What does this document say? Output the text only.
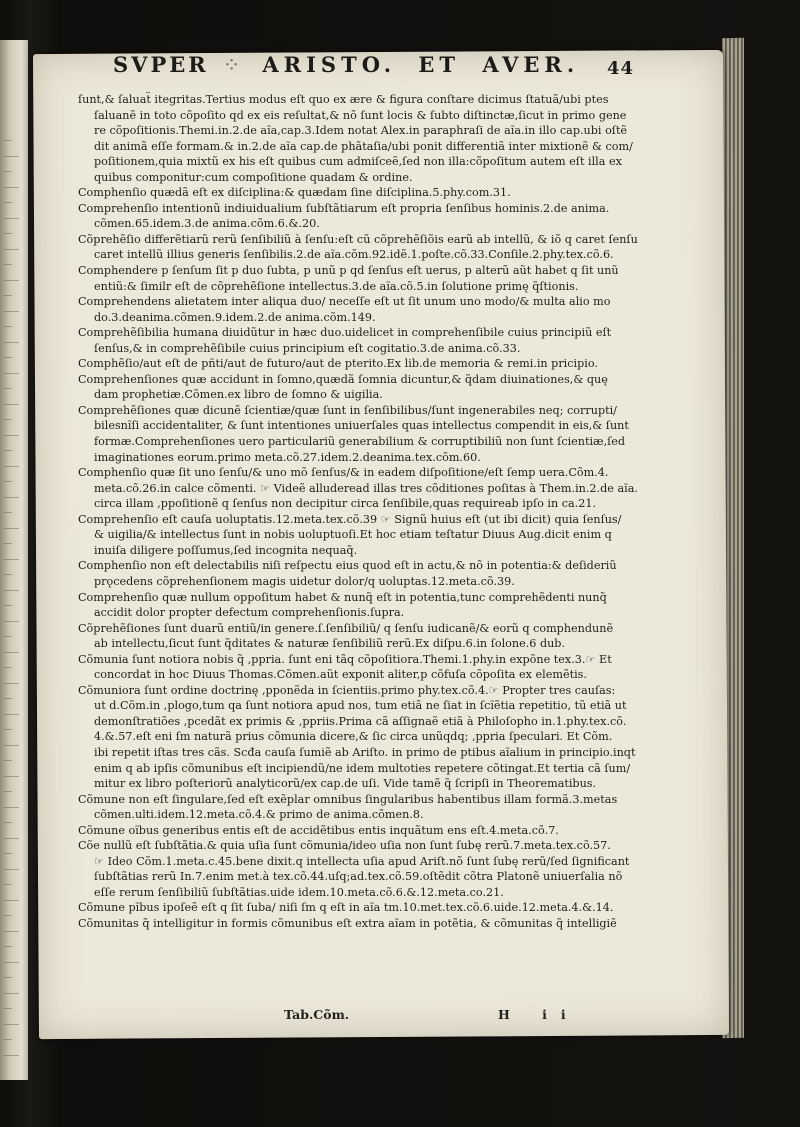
SVPER ⁘ ARISTO. ET AVER. 44
ſunt,& ſaluat̃ itegritas.Tertius modus eſt quo ex ære & figura conſtare dicimus ſtatuã/ubi ptes
ſaluanẽ in toto cõpoſito qd ex eis reſultat,& nõ ſunt locis & ſubto diſtinctæ,ſicut in primo gene
re cõpoſitionis.Themi.in.2.de aĩa,cap.3.Idem notat Alex.in paraphraſi de aĩa.in illo cap.ubi oſtẽ
dit animã eſſe formam.& in.2.de aĩa cap.de phãtaſia/ubi ponit differentiã inter mixtionẽ & com/
poſitionem,quia mixtũ ex his eſt quibus cum admiſceẽ,ſed non illa:cõpoſitum autem eſt illa ex
quibus componitur:cum compoſitione quadam & ordine.
Comphenſio quædã eſt ex diſciplina:& quædam ſine diſciplina.5.phy.com.31.
Comprehenſio intentionũ indiuidualium ſubſtãtiarum eſt propria ſenſibus hominis.2.de anima.
cõmen.65.idem.3.de anima.cõm.6.&.20.
Cõprehẽſio differẽtiarũ rerũ ſenſibiliũ à ſenſu:eſt cũ cõprehẽſiõis earũ ab intellũ, & iõ q caret ſenſu
caret intellũ illius generis ſenſibilis.2.de aĩa.cõm.92.idẽ.1.poſte.cõ.33.Conſile.2.phy.tex.cõ.6.
Comphendere p ſenſum ſit p duo ſubta, p unũ p qd ſenſus eſt uerus, p alterũ aũt habet q ſit unũ
entiũ:& ſimilr eſt de cõprehẽſione intellectus.3.de aĩa.cõ.5.in ſolutione primę q̃ſtionis.
Comprehendens alietatem inter aliqua duo/ neceſſe eſt ut ſit unum uno modo/& multa alio mo
do.3.deanima.cõmen.9.idem.2.de anima.cõm.149.
Comprehẽſibilia humana diuidũtur in hæc duo.uidelicet in comprehenſibile cuius principiũ eſt
ſenſus,& in comprehẽſibile cuius principium eſt cogitatio.3.de anima.cõ.33.
Comphẽſio/aut eſt de pñti/aut de futuro/aut de pterito.Ex lib.de memoria & remi.in pricipio.
Comprehenſiones quæ accidunt in ſomno,quædã ſomnia dicuntur,& q̃dam diuinationes,& quę
dam prophetiæ.Cõmen.ex libro de ſomno & uigilia.
Comprehẽſiones quæ dicunẽ ſcientiæ/quæ ſunt in ſenſibilibus/ſunt ingenerabiles neq; corrupti/
bilesnĩſi accidentaliter, & ſunt intentiones uniuerſales quas intellectus compendit in eis,& ſunt
formæ.Comprehenſiones uero particulariũ generabilium & corruptibiliũ non ſunt ſcientiæ,ſed
imaginationes eorum.primo meta.cõ.27.idem.2.deanima.tex.cõm.60.
Comphenſio quæ ſit uno ſenſu/& uno mõ ſenſus/& in eadem diſpoſitione/eſt ſemp uera.Cõm.4.
meta.cõ.26.in calce cõmenti. ☞ Videẽ alluderead illas tres cõditiones poſitas à Them.in.2.de aĩa.
circa illam ,ppoſitionẽ q ſenſus non decipitur circa ſenſibile,quas requireab ipſo in ca.21.
Comprehenſio eſt cauſa uoluptatis.12.meta.tex.cõ.39 ☞ Signũ huius eſt (ut ibi dicit) quia ſenſus/
& uigilia/& intellectus ſunt in nobis uoluptuoſi.Et hoc etiam teſtatur Diuus Aug.dicit enim q
inuiſa diligere poſſumus,ſed incognita nequaq̃.
Comphenſio non eſt delectabilis niſi reſpectu eius quod eſt in actu,& nõ in potentia:& deſideriũ
prǫcedens cõprehenſionem magis uidetur dolor/q uoluptas.12.meta.cõ.39.
Comprehenſio quæ nullum oppoſitum habet & nunq̃ eſt in potentia,tunc comprehẽdenti nunq̃
accidit dolor propter defectum comprehenſionis.ſupra.
Cõprehẽſiones ſunt duarũ entiũ/in genere.ſ.ſenſibiliũ/ q ſenſu iudicanẽ/& eorũ q comphendunẽ
ab intellectu,ſicut ſunt q̃ditates & naturæ ſenſibiliũ rerũ.Ex diſpu.6.in ſolone.6 dub.
Cõmunia ſunt notiora nobis q̃ ,ppria. ſunt eni tãq cõpoſitiora.Themi.1.phy.in expõne tex.3.☞ Et
concordat in hoc Diuus Thomas.Cõmen.aũt exponit aliter,p cõfuſa cõpoſita ex elemẽtis.
Cõmuniora ſunt ordine doctrinę ,pponẽda in ſcientiis.primo phy.tex.cõ.4.☞ Propter tres cauſas:
ut d.Cõm.in ,plogo,tum qa ſunt notiora apud nos, tum etiã ne ſiat in ſcĩẽtia repetitio, tũ etiã ut
demonſtratiões ,pcedãt ex primis & ,ppriis.Prima cã aſſignaẽ etiã à Philoſopho in.1.phy.tex.cõ.
4.&.57.eſt eni ſm naturã prius cõmunia dicere,& ſic circa unũqdq; ,ppria ſpeculari. Et Cõm.
ibi repetit iſtas tres cãs. Scđa cauſa ſumiẽ ab Ariſto. in primo de ptibus aĩalium in principio.inqt
enim q ab ipſis cõmunibus eſt incipiendũ/ne idem multoties repetere cõtingat.Et tertia cã ſum/
mitur ex libro poſteriorũ analyticorũ/ex cap.de uſi. Vide tamẽ q̃ ſcripſi in Theorematibus.
Cõmune non eſt ſingulare,ſed eſt exẽplar omnibus ſingularibus habentibus illam formã.3.metas
cõmen.ulti.idem.12.meta.cõ.4.& primo de anima.cõmen.8.
Cõmune oĩbus generibus entis eſt de accidẽtibus entis inquãtum ens eſt.4.meta.cõ.7.
Cõe nullũ eſt ſubſtãtia.& quia uſia ſunt cõmunia/ideo uſia non ſunt ſubę rerũ.7.meta.tex.cõ.57.
☞ Ideo Cõm.1.meta.c.45.bene dixit.q intellecta uſia apud Ariſt.nõ ſunt ſubę rerũ/ſed ſignificant
ſubſtãtias rerũ In.7.enim met.à tex.cõ.44.uſq;ad.tex.cõ.59.oſtẽdit cõtra Platonẽ uniuerſalia nõ
eſſe rerum ſenſibiliũ ſubſtãtias.uide idem.10.meta.cõ.6.&.12.meta.co.21.
Cõmune pĩbus ipoſeẽ eſt q ſit ſuba/ niſi ſm q eſt in aĩa tm.10.met.tex.cõ.6.uide.12.meta.4.&.14.
Cõmunitas q̃ intelligitur in formis cõmunibus eſt extra aĩam in potẽtia, & cõmunitas q̃ intelligiẽ
Tab.Cõm.	H ii
